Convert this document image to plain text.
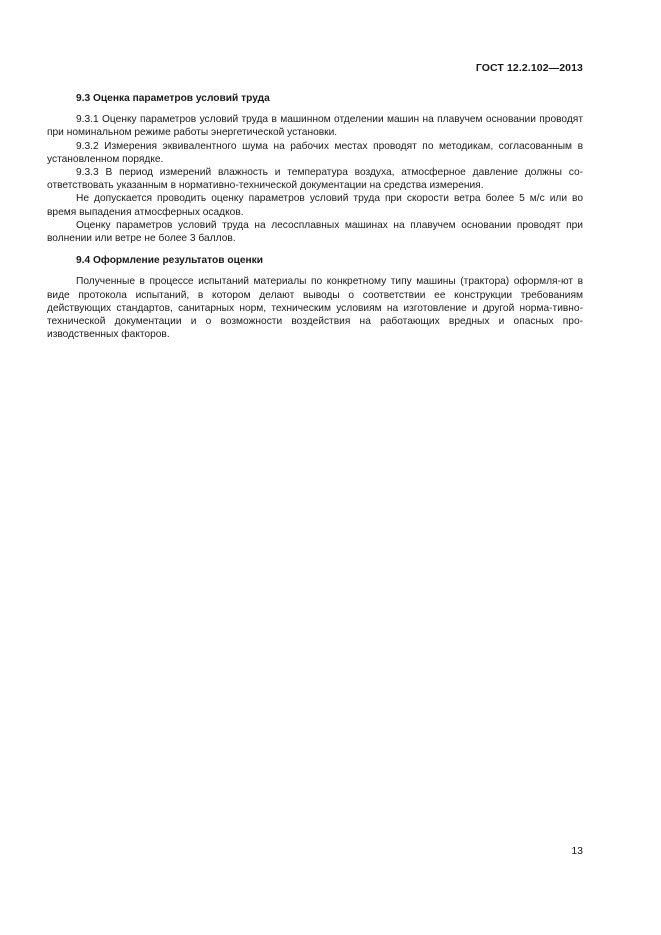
ГОСТ 12.2.102—2013
9.3 Оценка параметров условий труда

9.3.1 Оценку параметров условий труда в машинном отделении машин на плавучем основании проводят при номинальном режиме работы энергетической установки.

9.3.2 Измерения эквивалентного шума на рабочих местах проводят по методикам, согласованным в установленном порядке.

9.3.3 В период измерений влажность и температура воздуха, атмосферное давление должны со-ответствовать указанным в нормативно-технической документации на средства измерения.

Не допускается проводить оценку параметров условий труда при скорости ветра более 5 м/с или во время выпадения атмосферных осадков.

Оценку параметров условий труда на лесосплавных машинах на плавучем основании проводят при волнении или ветре не более 3 баллов.

9.4 Оформление результатов оценки

Полученные в процессе испытаний материалы по конкретному типу машины (трактора) оформля-ют в виде протокола испытаний, в котором делают выводы о соответствии ее конструкции требованиям действующих стандартов, санитарных норм, техническим условиям на изготовление и другой норма-тивно-технической документации и о возможности воздействия на работающих вредных и опасных про-изводственных факторов.

13
